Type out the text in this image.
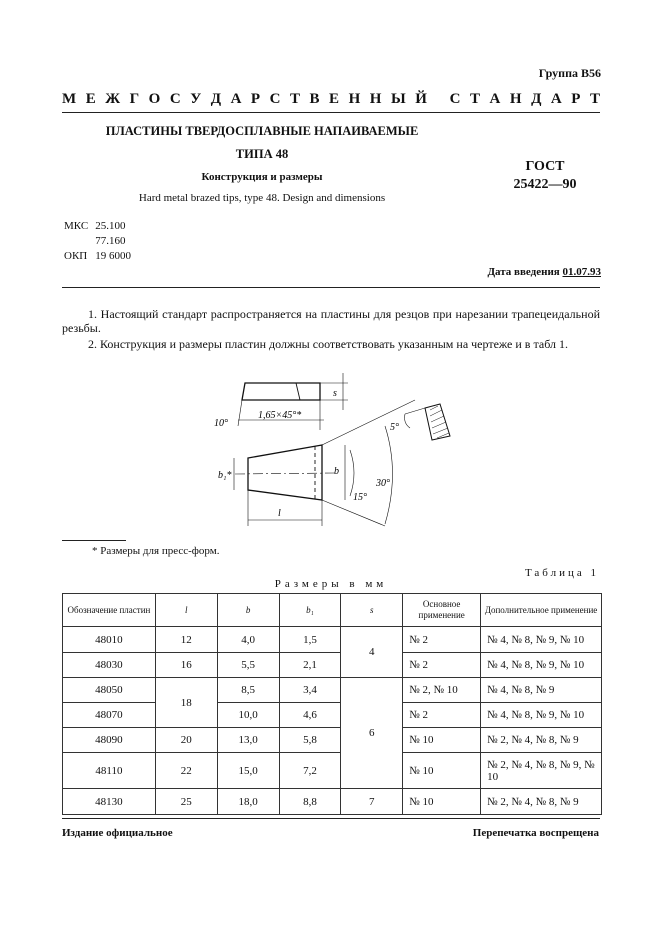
Группа В56
М Е Ж Г О С У Д А Р С Т В Е Н Н Ы Й
С Т А Н Д А Р Т
ПЛАСТИНЫ ТВЕРДОСПЛАВНЫЕ НАПАИВАЕМЫЕ
ТИПА 48
Конструкция и размеры
Hard metal brazed tips, type 48. Design and dimensions
ГОСТ
25422—90
МКС	25.100
	77.160
ОКП	19 6000
Дата введения 01.07.93
1. Настоящий стандарт распространяется на пластины для резцов при нарезании трапецеидальной резьбы.
2. Конструкция и размеры пластин должны соответствовать указанным на чертеже и в табл 1.
10°
1,65×45°*
s
5°
b₁*	b
15°
30°
l
* Размеры для пресс-форм.
Таблица 1
Размеры в мм
Обозначение пластин	l	b	b₁	s	Основное применение	Дополнительное применение
48010	12	4,0	1,5	4	№ 2	№ 4, № 8, № 9, № 10
48030	16	5,5	2,1		№ 2	№ 4, № 8, № 9, № 10
48050	18	8,5	3,4	6	№ 2, № 10	№ 4, № 8, № 9
48070		10,0	4,6		№ 2	№ 4, № 8, № 9, № 10
48090	20	13,0	5,8		№ 10	№ 2, № 4, № 8, № 9
48110	22	15,0	7,2		№ 10	№ 2, № 4, № 8, № 9, № 10
48130	25	18,0	8,8	7	№ 10	№ 2, № 4, № 8, № 9
Издание официальное	Перепечатка воспрещена
